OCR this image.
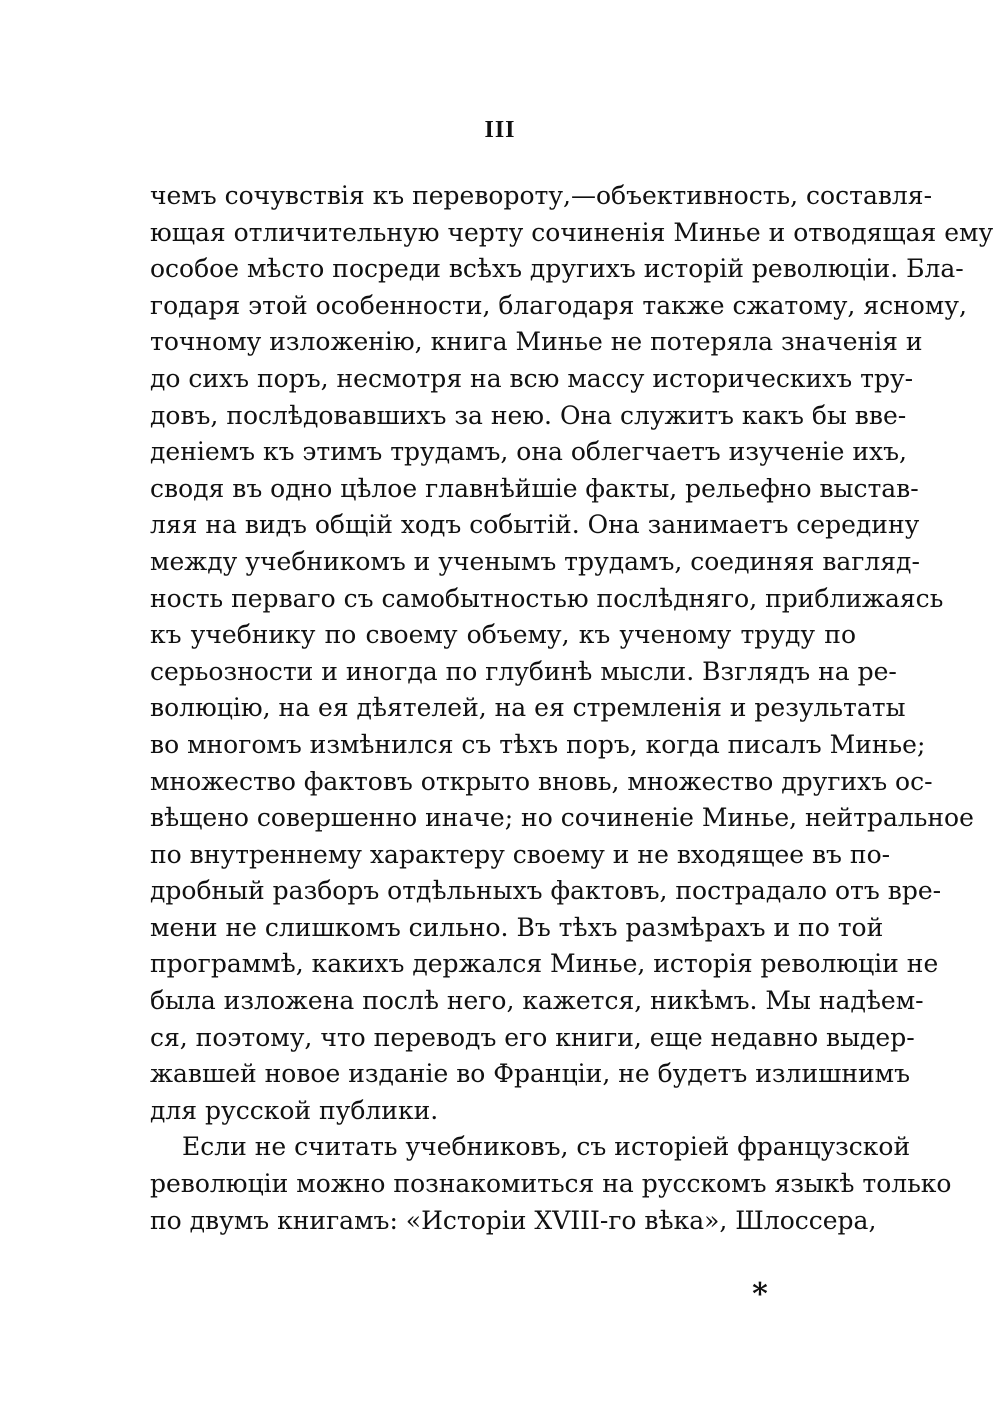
III
чемъ сочувствія къ перевороту,—объективность, составля-
ющая отличительную черту сочиненія Минье и отводящая ему
особое мѣсто посреди всѣхъ другихъ исторій революціи. Бла-
годаря этой особенности, благодаря также сжатому, ясному,
точному изложенію, книга Минье не потеряла значенія и
до сихъ поръ, несмотря на всю массу историческихъ тру-
довъ, послѣдовавшихъ за нею. Она служитъ какъ бы вве-
деніемъ къ этимъ трудамъ, она облегчаетъ изученіе ихъ,
сводя въ одно цѣлое главнѣйшіе факты, рельефно выстав-
ляя на видъ общій ходъ событій. Она занимаетъ середину
между учебникомъ и ученымъ трудамъ, соединяя вагляд-
ность перваго съ самобытностью послѣдняго, приближаясь
къ учебнику по своему объему, къ ученому труду по
серьозности и иногда по глубинѣ мысли. Взглядъ на ре-
волюцію, на ея дѣятелей, на ея стремленія и результаты
во многомъ измѣнился съ тѣхъ поръ, когда писалъ Минье;
множество фактовъ открыто вновь, множество другихъ ос-
вѣщено совершенно иначе; но сочиненіе Минье, нейтральное
по внутреннему характеру своему и не входящее въ по-
дробный разборъ отдѣльныхъ фактовъ, пострадало отъ вре-
мени не слишкомъ сильно. Въ тѣхъ размѣрахъ и по той
программѣ, какихъ держался Минье, исторія революціи не
была изложена послѣ него, кажется, никѣмъ. Мы надѣем-
ся, поэтому, что переводъ его книги, еще недавно выдер-
жавшей новое изданіе во Франціи, не будетъ излишнимъ
для русской публики.
Если не считать учебниковъ, съ исторіей французской
революціи можно познакомиться на русскомъ языкѣ только
по двумъ книгамъ: «Исторіи XVIII-го вѣка», Шлоссера,
*
